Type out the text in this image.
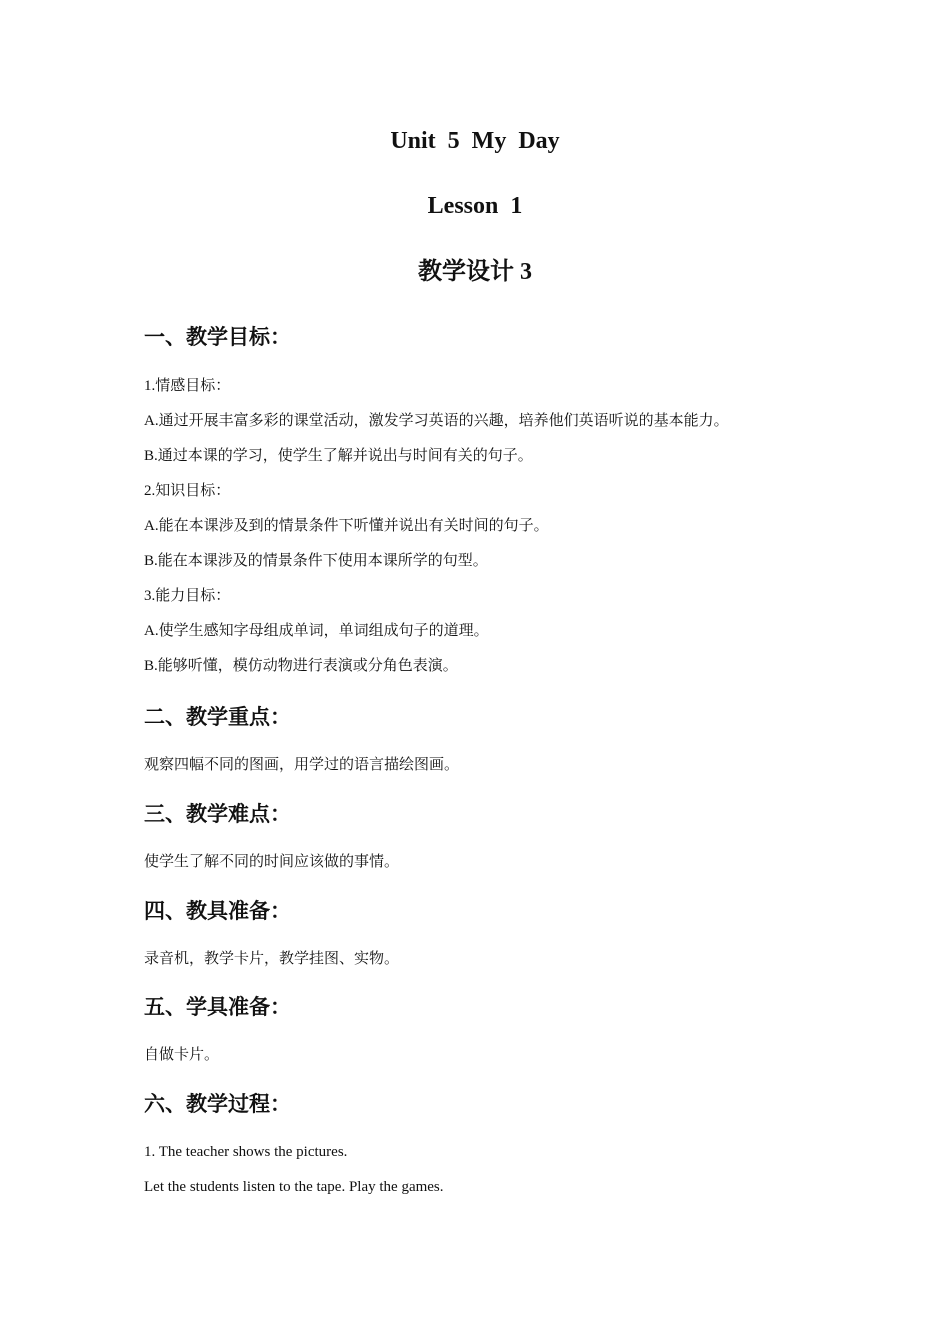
Unit  5  My  Day
Lesson  1
教学设计 3
一、教学目标：
1.情感目标：
A.通过开展丰富多彩的课堂活动，激发学习英语的兴趣，培养他们英语听说的基本能力。
B.通过本课的学习，使学生了解并说出与时间有关的句子。
2.知识目标：
A.能在本课涉及到的情景条件下听懂并说出有关时间的句子。
B.能在本课涉及的情景条件下使用本课所学的句型。
3.能力目标：
A.使学生感知字母组成单词，单词组成句子的道理。
B.能够听懂，模仿动物进行表演或分角色表演。
二、教学重点：
观察四幅不同的图画，用学过的语言描绘图画。
三、教学难点：
使学生了解不同的时间应该做的事情。
四、教具准备：
录音机，教学卡片，教学挂图、实物。
五、学具准备：
自做卡片。
六、教学过程：
1. The teacher shows the pictures.
Let the students listen to the tape. Play the games.
